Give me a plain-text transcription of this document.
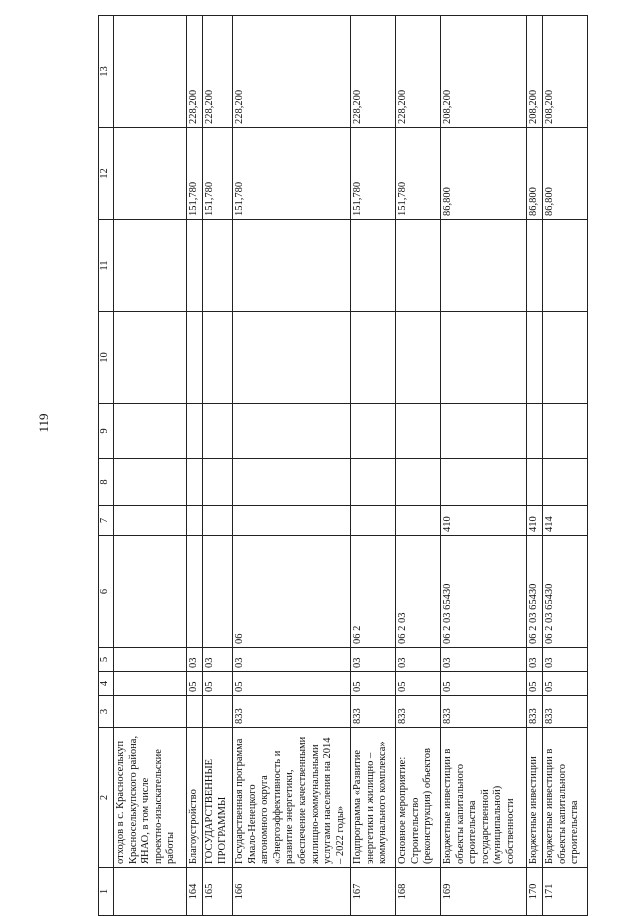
119
1	2	3	4	5	6	7	8	9	10	11	12	13
	отходов в с. Красноселькуп Красноселькупского района, ЯНАО, в том числе проектно-изыскательские работы											
164	Благоустройство		05	03							151,780	228,200
165	ГОСУДАРСТВЕННЫЕ ПРОГРАММЫ		05	03							151,780	228,200
166	Государственная программа Ямало-Ненецкого автономного округа «Энергоэффективность и развитие энергетики, обеспечение качественными жилищно-коммунальными услугами населения на 2014 – 2022 годы»	833	05	03	06						151,780	228,200
167	Подпрограмма «Развитие энергетики и жилищно – коммунального комплекса»	833	05	03	06 2						151,780	228,200
168	Основное мероприятие: Строительство (реконструкция) объектов	833	05	03	06 2 03						151,780	228,200
169	Бюджетные инвестиции в объекты капитального строительства государственной (муниципальной) собственности	833	05	03	06 2 03 65430	410					86,800	208,200
170	Бюджетные инвестиции	833	05	03	06 2 03 65430	410					86,800	208,200
171	Бюджетные инвестиции в объекты капитального строительства	833	05	03	06 2 03 65430	414					86,800	208,200
